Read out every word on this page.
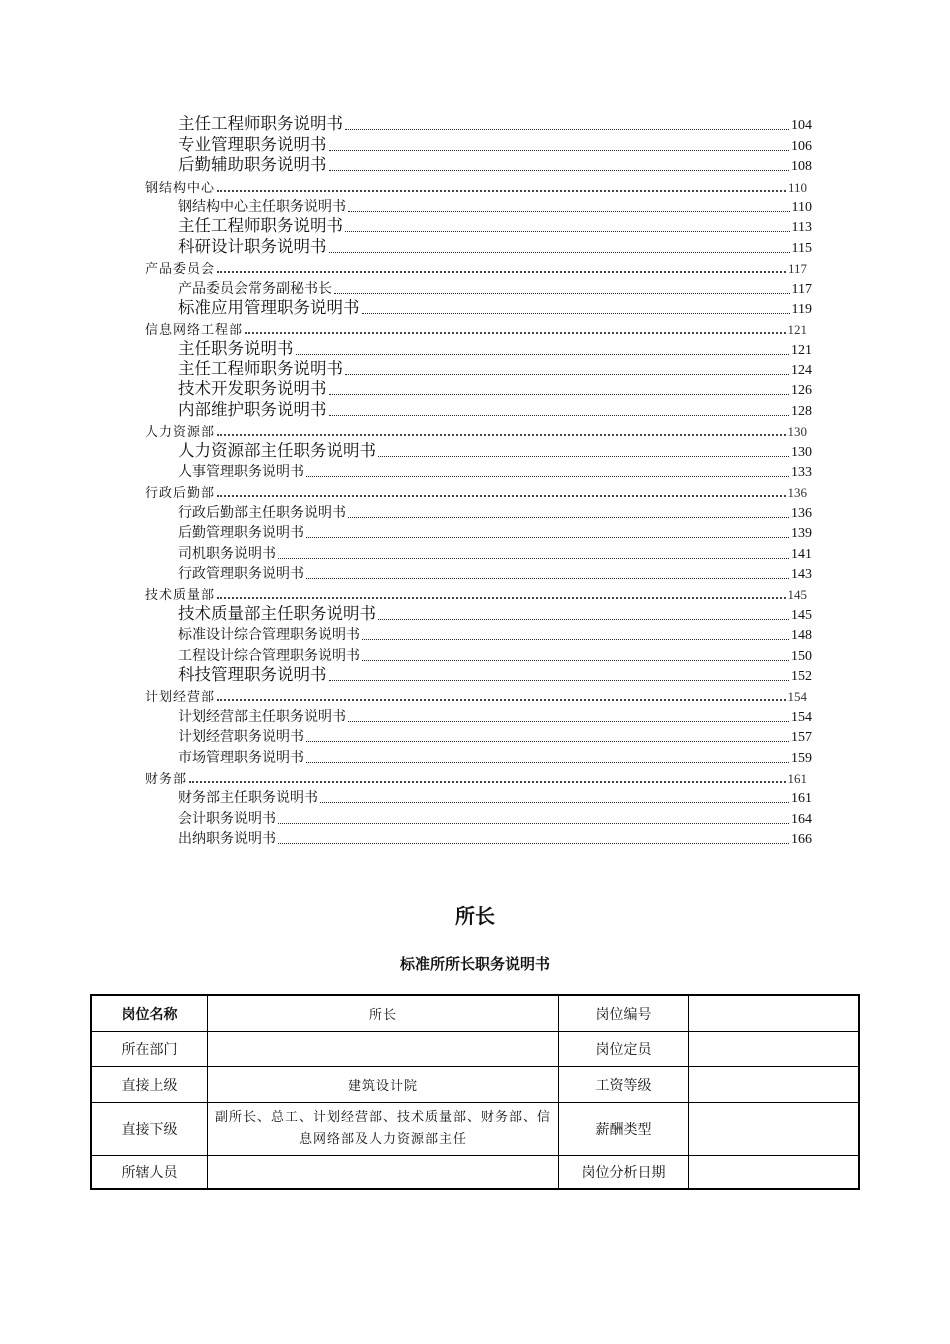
主任工程师职务说明书	104
专业管理职务说明书	106
后勤辅助职务说明书	108
钢结构中心	110
钢结构中心主任职务说明书	110
主任工程师职务说明书	113
科研设计职务说明书	115
产品委员会	117
产品委员会常务副秘书长	117
标准应用管理职务说明书	119
信息网络工程部	121
主任职务说明书	121
主任工程师职务说明书	124
技术开发职务说明书	126
内部维护职务说明书	128
人力资源部	130
人力资源部主任职务说明书	130
人事管理职务说明书	133
行政后勤部	136
行政后勤部主任职务说明书	136
后勤管理职务说明书	139
司机职务说明书	141
行政管理职务说明书	143
技术质量部	145
技术质量部主任职务说明书	145
标准设计综合管理职务说明书	148
工程设计综合管理职务说明书	150
科技管理职务说明书	152
计划经营部	154
计划经营部主任职务说明书	154
计划经营职务说明书	157
市场管理职务说明书	159
财务部	161
财务部主任职务说明书	161
会计职务说明书	164
出纳职务说明书	166
所长
标准所所长职务说明书
岗位名称	所长	岗位编号	
所在部门		岗位定员	
直接上级	建筑设计院	工资等级	
直接下级	副所长、总工、计划经营部、技术质量部、财务部、信息网络部及人力资源部主任	薪酬类型	
所辖人员		岗位分析日期	
